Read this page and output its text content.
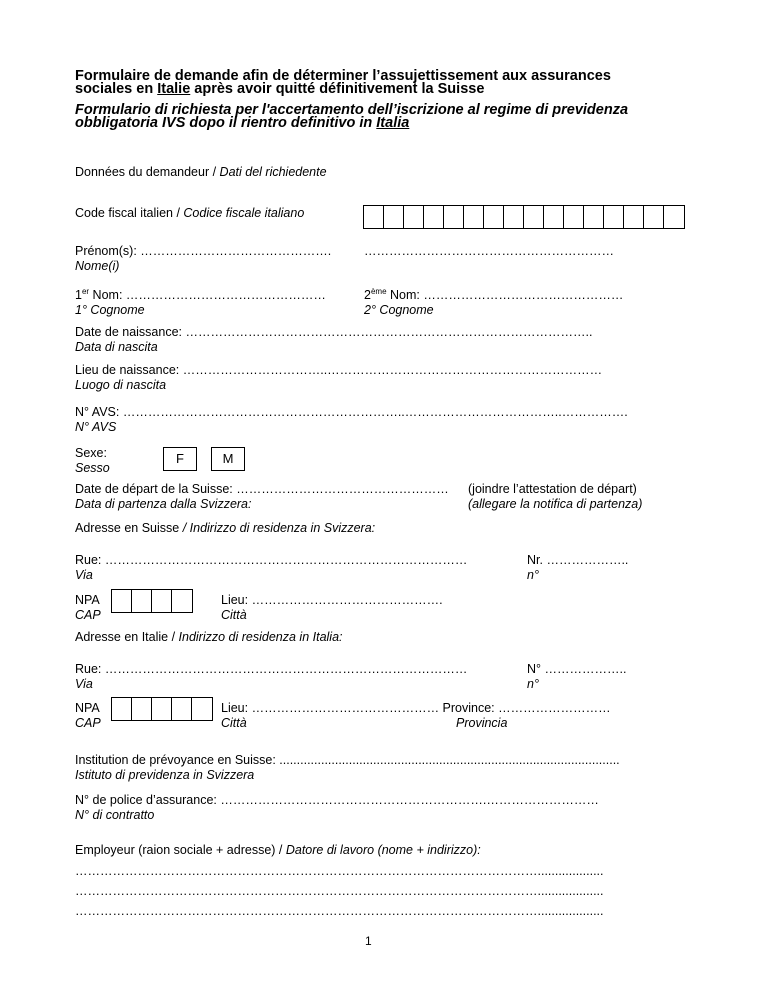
Formulaire de demande afin de déterminer l’assujettissement aux assurances
sociales en Italie après avoir quitté définitivement la Suisse
Formulario di richiesta per l'accertamento dell’iscrizione al regime di previdenza
obbligatoria IVS dopo il rientro definitivo in Italia
Données du demandeur / Dati del richiedente
Code fiscal italien / Codice fiscale italiano
Prénom(s): ……………………………………….
Nome(i)
……………………………………………………
1er Nom: …………………………………………
1° Cognome
2ème Nom: …………………………………………
2° Cognome
Date de naissance: ……………………………………………………………………………………..
Data di nascita
Lieu de naissance: ……………………………..…………………………………………………………
Luogo di nascita
N° AVS: …………………………………………………………..………………………………..…………….
N° AVS
Sexe:
Sesso
F	M
Date de départ de la Suisse: ……………………………………………
Data di partenza dalla Svizzera:
(joindre l’attestation de départ)
(allegare la notifica di partenza)
Adresse en Suisse / Indirizzo di residenza in Svizzera:
Rue: ……………………………………………………………………………
Via
Nr. ………………..
n°
NPA
CAP
Lieu: ……………………………………….
Città
Adresse en Italie / Indirizzo di residenza in Italia:
Rue: ……………………………………………………………………………
Via
N° ………………..
n°
NPA
CAP
Lieu: ……………………………………… Province: ………………………
Città	Provincia
Institution de prévoyance en Suisse: ..................................................................................................
Istituto di previdenza in Svizzera
N° de police d’assurance: ……………………………………………………….………………………
N° di contratto
Employeur (raion sociale + adresse) / Datore di lavoro (nome + indirizzo):
…………………………………………………………………………………………………...................
…………………………………………………………………………………………………...................
…………………………………………………………………………………………………...................
1
